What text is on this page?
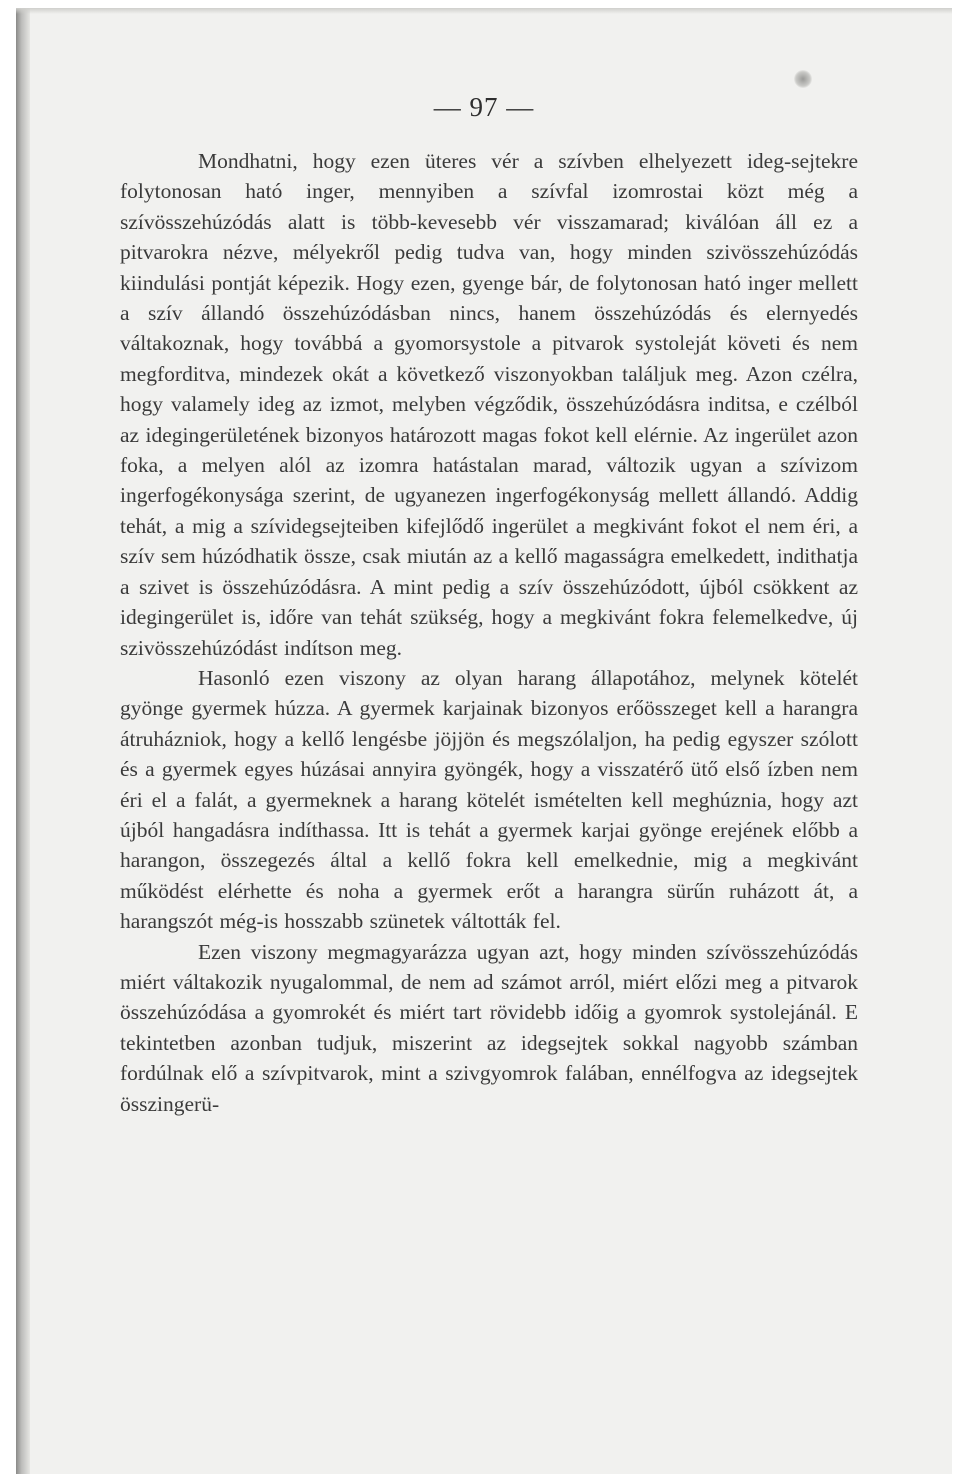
— 97 —

Mondhatni, hogy ezen üteres vér a szívben elhelyezett ideg-sejtekre folytonosan ható inger, mennyiben a szívfal izomrostai közt még a szívösszehúzódás alatt is több-kevesebb vér visszamarad; kiválóan áll ez a pitvarokra nézve, mélyekről pedig tudva van, hogy minden szivösszehúzódás kiindulási pontját képezik. Hogy ezen, gyenge bár, de folytonosan ható inger mellett a szív állandó összehúzódásban nincs, hanem összehúzódás és elernyedés váltakoznak, hogy továbbá a gyomorsystole a pitvarok systoleját követi és nem megforditva, mindezek okát a következő viszonyokban találjuk meg. Azon czélra, hogy valamely ideg az izmot, melyben végződik, összehúzódásra inditsa, e czélból az idegingerületének bizonyos határozott magas fokot kell elérnie. Az ingerület azon foka, a melyen alól az izomra hatástalan marad, változik ugyan a szívizom ingerfogékonysága szerint, de ugyanezen ingerfogékonyság mellett állandó. Addig tehát, a mig a szívidegsejteiben kifejlődő ingerület a megkivánt fokot el nem éri, a szív sem húzódhatik össze, csak miután az a kellő magasságra emelkedett, indithatja a szivet is összehúzódásra. A mint pedig a szív összehúzódott, újból csökkent az idegingerület is, időre van tehát szükség, hogy a megkivánt fokra felemelkedve, új szivösszehúzódást indítson meg.

Hasonló ezen viszony az olyan harang állapotához, melynek kötelét gyönge gyermek húzza. A gyermek karjainak bizonyos erőösszeget kell a harangra átruházniok, hogy a kellő lengésbe jöjjön és megszólaljon, ha pedig egyszer szólott és a gyermek egyes húzásai annyira gyöngék, hogy a visszatérő ütő első ízben nem éri el a falát, a gyermeknek a harang kötelét ismételten kell meghúznia, hogy azt újból hangadásra indíthassa. Itt is tehát a gyermek karjai gyönge erejének előbb a harangon, összegezés által a kellő fokra kell emelkednie, mig a megkivánt működést elérhette és noha a gyermek erőt a harangra sürűn ruházott át, a harangszót még-is hosszabb szünetek váltották fel.

Ezen viszony megmagyarázza ugyan azt, hogy minden szívösszehúzódás miért váltakozik nyugalommal, de nem ad számot arról, miért előzi meg a pitvarok összehúzódása a gyomrokét és miért tart rövidebb időig a gyomrok systolejánál. E tekintetben azonban tudjuk, miszerint az idegsejtek sokkal nagyobb számban fordúlnak elő a szívpitvarok, mint a szivgyomrok falában, ennélfogva az idegsejtek összingerü-
